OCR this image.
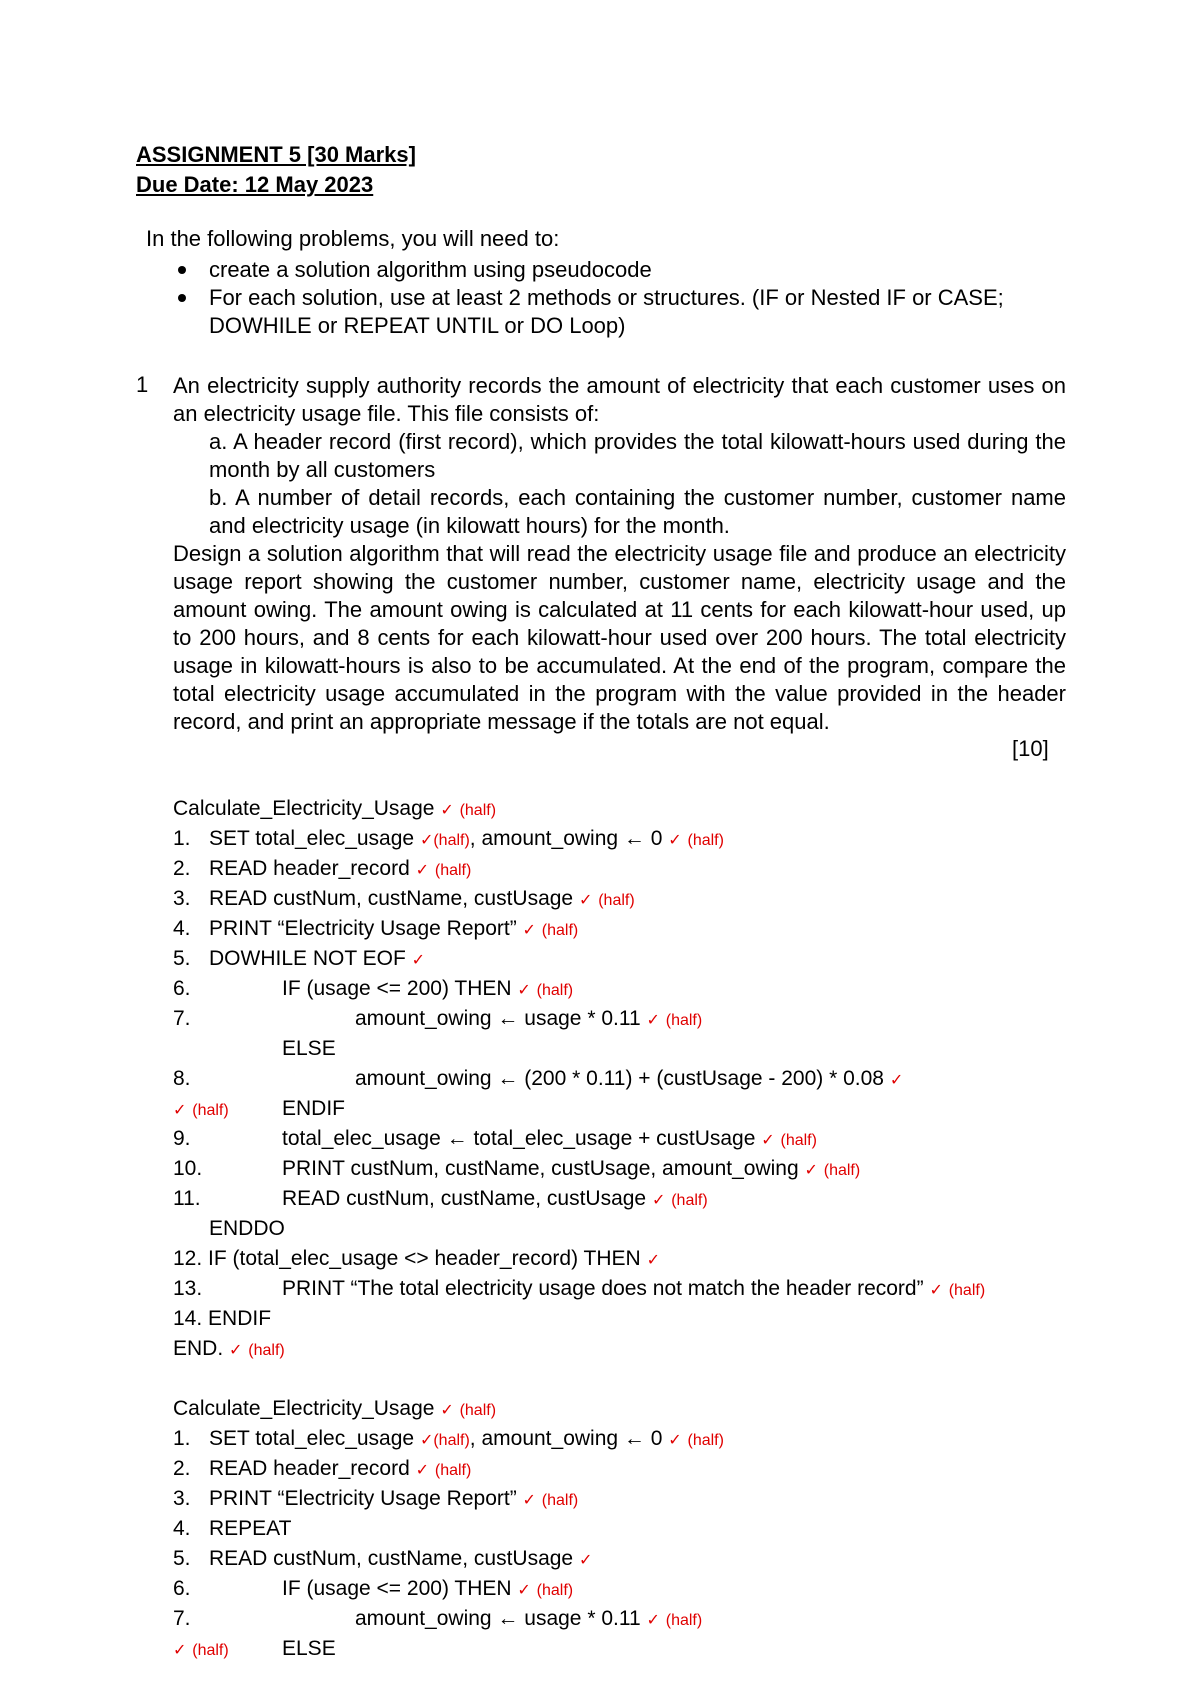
ASSIGNMENT 5 [30 Marks]
Due Date: 12 May 2023
In the following problems, you will need to:
create a solution algorithm using pseudocode
For each solution, use at least 2 methods or structures. (IF or Nested IF or CASE; DOWHILE or REPEAT UNTIL or DO Loop)
1 An electricity supply authority records the amount of electricity that each customer uses on an electricity usage file. This file consists of:
a. A header record (first record), which provides the total kilowatt-hours used during the month by all customers
b. A number of detail records, each containing the customer number, customer name and electricity usage (in kilowatt hours) for the month.
Design a solution algorithm that will read the electricity usage file and produce an electricity usage report showing the customer number, customer name, electricity usage and the amount owing. The amount owing is calculated at 11 cents for each kilowatt-hour used, up to 200 hours, and 8 cents for each kilowatt-hour used over 200 hours. The total electricity usage in kilowatt-hours is also to be accumulated. At the end of the program, compare the total electricity usage accumulated in the program with the value provided in the header record, and print an appropriate message if the totals are not equal.
[10]
Calculate_Electricity_Usage ✓ (half)
1. SET total_elec_usage ✓(half), amount_owing ← 0 ✓ (half)
2. READ header_record ✓ (half)
3. READ custNum, custName, custUsage ✓ (half)
4. PRINT “Electricity Usage Report” ✓ (half)
5. DOWHILE NOT EOF ✓
6.	IF (usage <= 200) THEN ✓ (half)
7.	amount_owing ← usage * 0.11 ✓ (half)
ELSE
8.	amount_owing ← (200 * 0.11) + (custUsage - 200) * 0.08 ✓
✓ (half)	ENDIF
9.	total_elec_usage ← total_elec_usage + custUsage ✓ (half)
10.	PRINT custNum, custName, custUsage, amount_owing ✓ (half)
11.	READ custNum, custName, custUsage ✓ (half)
ENDDO
12. IF (total_elec_usage <> header_record) THEN ✓
13.	PRINT “The total electricity usage does not match the header record” ✓ (half)
14. ENDIF
END. ✓ (half)
Calculate_Electricity_Usage ✓ (half)
1. SET total_elec_usage ✓(half), amount_owing ← 0 ✓ (half)
2. READ header_record ✓ (half)
3. PRINT “Electricity Usage Report” ✓ (half)
4. REPEAT
5. READ custNum, custName, custUsage ✓
6.	IF (usage <= 200) THEN ✓ (half)
7.	amount_owing ← usage * 0.11 ✓ (half)
✓ (half)	ELSE
